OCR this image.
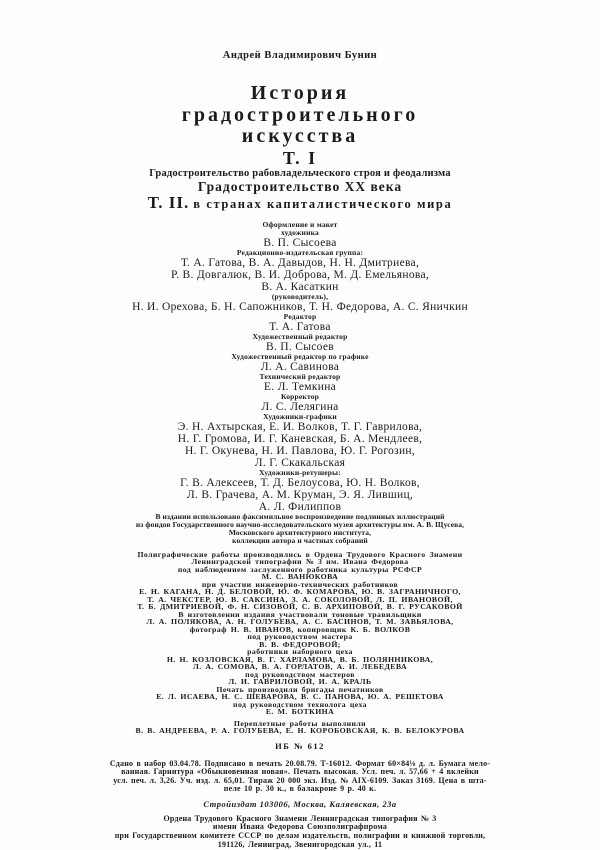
Андрей Владимирович Бунин

История

градостроительного

искусства

Т. I

Градостроительство рабовладельческого строя и феодализма

Градостроительство XX века

Т. II. в странах капиталистического мира

Оформление и макет

художника

В. П. Сысоева

Редакционно-издательская группа:

Т. А. Гатова, В. А. Давыдов, Н. Н. Дмитриева,

Р. В. Довгалюк, В. И. Доброва, М. Д. Емельянова,

В. А. Касаткин

(руководитель),

Н. И. Орехова, Б. Н. Сапожников, Т. Н. Федорова, А. С. Яничкин

Редактор

Т. А. Гатова

Художественный редактор

В. П. Сысоев

Художественный редактор по графике

Л. А. Савинова

Технический редактор

Е. Л. Темкина

Корректор

Л. С. Лелягина

Художники-графики

Э. Н. Ахтырская, Е. И. Волков, Т. Г. Гаврилова,

Н. Г. Громова, И. Г. Каневская, Б. А. Мендлеев,

Н. Г. Окунева, Н. И. Павлова, Ю. Г. Рогозин,

Л. Г. Скакальская

Художники-ретушеры:

Г. В. Алексеев, Т. Д. Белоусова, Ю. Н. Волков,

Л. В. Грачева, А. М. Круман, Э. Я. Лившиц,

А. Л. Филиппов

В издании использовано факсимильное воспроизведение подлинных иллюстраций

из фондов Государственного научно-исследовательского музея архитектуры им. А. В. Щусева,

Московского архитектурного института,

коллекции автора и частных собраний

Полиграфические работы производились в Ордена Трудового Красного Знамени

Ленинградской типографии № 3 им. Ивана Федорова

под наблюдением заслуженного работника культуры РСФСР

М. С. ВАНЮКОВА

при участии инженерно-технических работников

Е. Н. КАГАНА, Н. Д. БЕЛОВОЙ, Ю. Ф. КОМАРОВА, Ю. В. ЗАГРАНИЧНОГО,

Т. А. ЧЕКСТЕР, Ю. В. САКСИНА, З. А. СОКОЛОВОЙ, Л. П. ИВАНОВОЙ,

Т. Б. ДМИТРИЕВОЙ, Ф. Н. СИЗОВОЙ, С. В. АРХИПОВОЙ, В. Г. РУСАКОВОЙ

В изготовлении издания участвовали тоновые травильщики

Л. А. ПОЛЯКОВА, А. Н. ГОЛУБЕВА, А. С. БАСИНОВ, Т. М. ЗАВЬЯЛОВА,

фотограф Н. В. ИВАНОВ, копировщик К. Б. ВОЛКОВ

под руководством мастера

В. В. ФЕДОРОВОЙ;

работники наборного цеха

Н. Н. КОЗЛОВСКАЯ, В. Г. ХАРЛАМОВА, В. Б. ПОЛЯННИКОВА,

Л. А. СОМОВА, В. А. ГОРЛАТОВ, А. И. ЛЕБЕДЕВА

под руководством мастеров

Л. И. ГАВРИЛОВОЙ, И. А. КРАЛЬ

Печать производили бригады печатников

Е. Л. ИСАЕВА, Н. С. ШЕВАРОВА, В. С. ПАНОВА, Ю. А. РЕШЕТОВА

под руководством технолога цеха

Е. М. БОТКИНА

Переплетные работы выполнили

В. В. АНДРЕЕВА, Р. А. ГОЛУБЕВА, Е. Н. КОРОБОВСКАЯ, К. В. БЕЛОКУРОВА

ИБ № 612

Сдано в набор 03.04.78. Подписано в печать 20.08.79. Т-16012. Формат 60×84⅛ д. л. Бумага мело-

ванная. Гарнитура «Обыкновенная новая». Печать высокая. Усл. печ. л. 57,66 + 4 вклейки

усл. печ. л. 3,26. Уч. изд. л. 65,01. Тираж 20 000 экз. Изд. № АIX-6109. Заказ 3169. Цена в шта-

пеле 10 р. 30 к., в балакроне 9 р. 40 к.

Стройиздат 103006, Москва, Каляевская, 23а

Ордена Трудового Красного Знамени Ленинградская типография № 3

имени Ивана Федорова Союзполиграфпрома

при Государственном комитете СССР по делам издательств, полиграфии и книжной торговли,

191126, Ленинград, Звенигородская ул., 11
